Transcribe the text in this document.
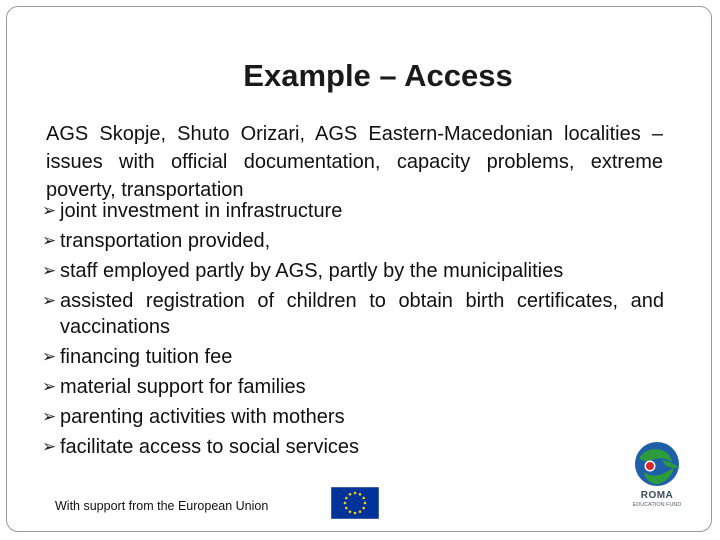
Example – Access
AGS Skopje, Shuto Orizari, AGS Eastern-Macedonian localities – issues with official documentation, capacity problems, extreme poverty, transportation
➢ joint investment in infrastructure
➢ transportation provided,
➢ staff employed partly by AGS, partly by the municipalities
➢ assisted registration of children to obtain birth certificates, and vaccinations
➢ financing tuition fee
➢ material support for families
➢ parenting activities with mothers
➢ facilitate access to social services
With support from the European Union
ROMA
EDUCATION FUND
